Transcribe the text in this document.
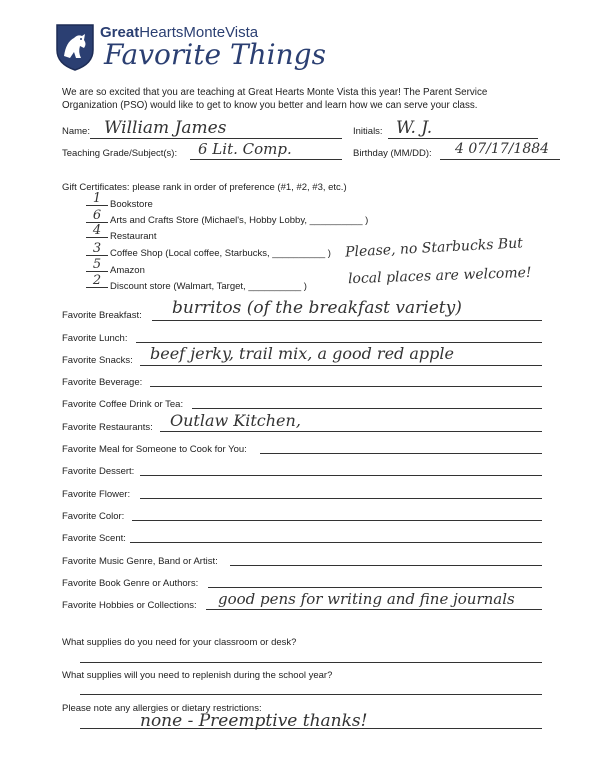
GreatHeartsMonteVista
Favorite Things
We are so excited that you are teaching at Great Hearts Monte Vista this year! The Parent Service Organization (PSO) would like to get to know you better and learn how we can serve your class.
Name: William James	Initials: W. J.
Teaching Grade/Subject(s): 6 Lit. Comp.	Birthday (MM/DD): 4 07/17/1884
Gift Certificates: please rank in order of preference (#1, #2, #3, etc.)
1 Bookstore
6 Arts and Crafts Store (Michael's, Hobby Lobby, __________ )
4 Restaurant
3 Coffee Shop (Local coffee, Starbucks, __________ )
5 Amazon
2 Discount store (Walmart, Target, __________ )
Please, no Starbucks But
local places are welcome!
Favorite Breakfast: burritos (of the breakfast variety)
Favorite Lunch:
Favorite Snacks: beef jerky, trail mix, a good red apple
Favorite Beverage:
Favorite Coffee Drink or Tea:
Favorite Restaurants: Outlaw Kitchen,
Favorite Meal for Someone to Cook for You:
Favorite Dessert:
Favorite Flower:
Favorite Color:
Favorite Scent:
Favorite Music Genre, Band or Artist:
Favorite Book Genre or Authors:
Favorite Hobbies or Collections: good pens for writing and fine journals
What supplies do you need for your classroom or desk?
What supplies will you need to replenish during the school year?
Please note any allergies or dietary restrictions:
none - Preemptive thanks!
